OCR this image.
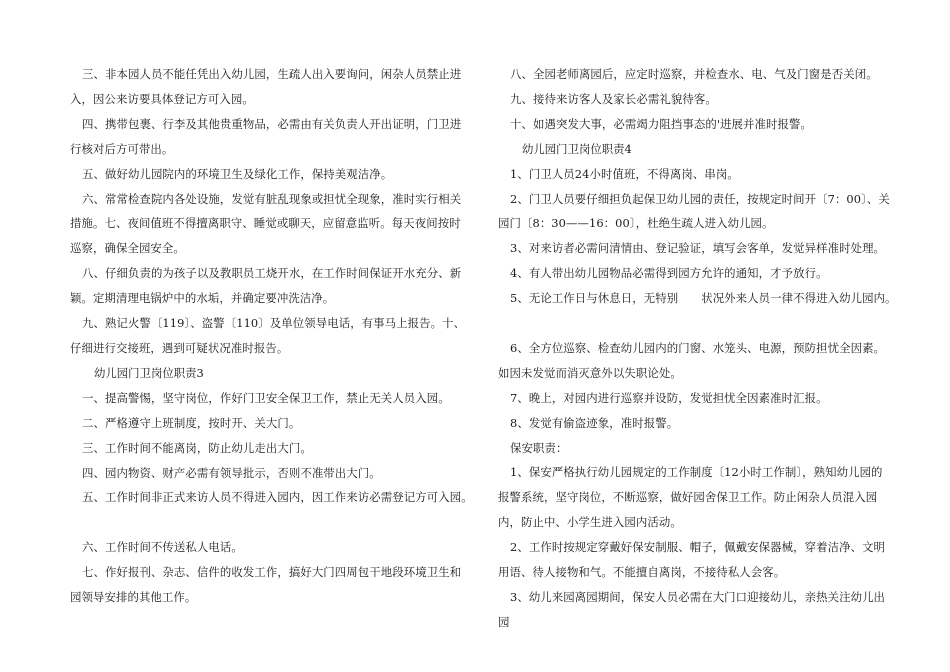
三、非本园人员不能任凭出入幼儿园，生疏人出入要询问，闲杂人员禁止进入，因公来访要具体登记方可入园。

四、携带包裹、行李及其他贵重物品，必需由有关负责人开出证明，门卫进行核对后方可带出。

五、做好幼儿园院内的环境卫生及绿化工作，保持美观洁净。

六、常常检查院内各处设施，发觉有脏乱现象或担忧全现象，准时实行相关措施。七、夜间值班不得擅离职守、睡觉或聊天，应留意监听。每天夜间按时巡察，确保全园安全。

八、仔细负责的为孩子以及教职员工烧开水，在工作时间保证开水充分、新颖。定期清理电锅炉中的水垢，并确定要冲洗洁净。

九、熟记火警〔119〕、盗警〔110〕及单位领导电话，有事马上报告。十、仔细进行交接班，遇到可疑状况准时报告。

幼儿园门卫岗位职责3

一、提高警惕，坚守岗位，作好门卫安全保卫工作，禁止无关人员入园。

二、严格遵守上班制度，按时开、关大门。

三、工作时间不能离岗，防止幼儿走出大门。

四、园内物资、财产必需有领导批示，否则不准带出大门。

五、工作时间非正式来访人员不得进入园内，因工作来访必需登记方可入园。

六、工作时间不传送私人电话。

七、作好报刊、杂志、信件的收发工作，搞好大门四周包干地段环境卫生和园领导安排的其他工作。

八、全园老师离园后，应定时巡察，并检查水、电、气及门窗是否关闭。

九、接待来访客人及家长必需礼貌待客。

十、如遇突发大事，必需竭力阻挡事态的'进展并准时报警。

幼儿园门卫岗位职责4

1、门卫人员24小时值班，不得离岗、串岗。

2、门卫人员要仔细担负起保卫幼儿园的责任，按规定时间开〔7：00〕、关园门〔8：30——16：00〕，杜绝生疏人进入幼儿园。

3、对来访者必需问清情由、登记验证，填写会客单，发觉异样准时处理。

4、有人带出幼儿园物品必需得到园方允许的通知，才予放行。

5、无论工作日与休息日，无特别　　状况外来人员一律不得进入幼儿园内。

6、全方位巡察、检查幼儿园内的门窗、水笼头、电源，预防担忧全因素。如因未发觉而消灭意外以失职论处。

7、晚上，对园内进行巡察并设防，发觉担忧全因素准时汇报。

8、发觉有偷盗迹象，准时报警。

保安职责：

1、保安严格执行幼儿园规定的工作制度〔12小时工作制〕，熟知幼儿园的报警系统，坚守岗位，不断巡察，做好园舍保卫工作。防止闲杂人员混入园内，防止中、小学生进入园内活动。

2、工作时按规定穿戴好保安制服、帽子，佩戴安保器械，穿着洁净、文明用语、待人接物和气。不能擅自离岗，不接待私人会客。

3、幼儿来园离园期间，保安人员必需在大门口迎接幼儿，亲热关注幼儿出园
